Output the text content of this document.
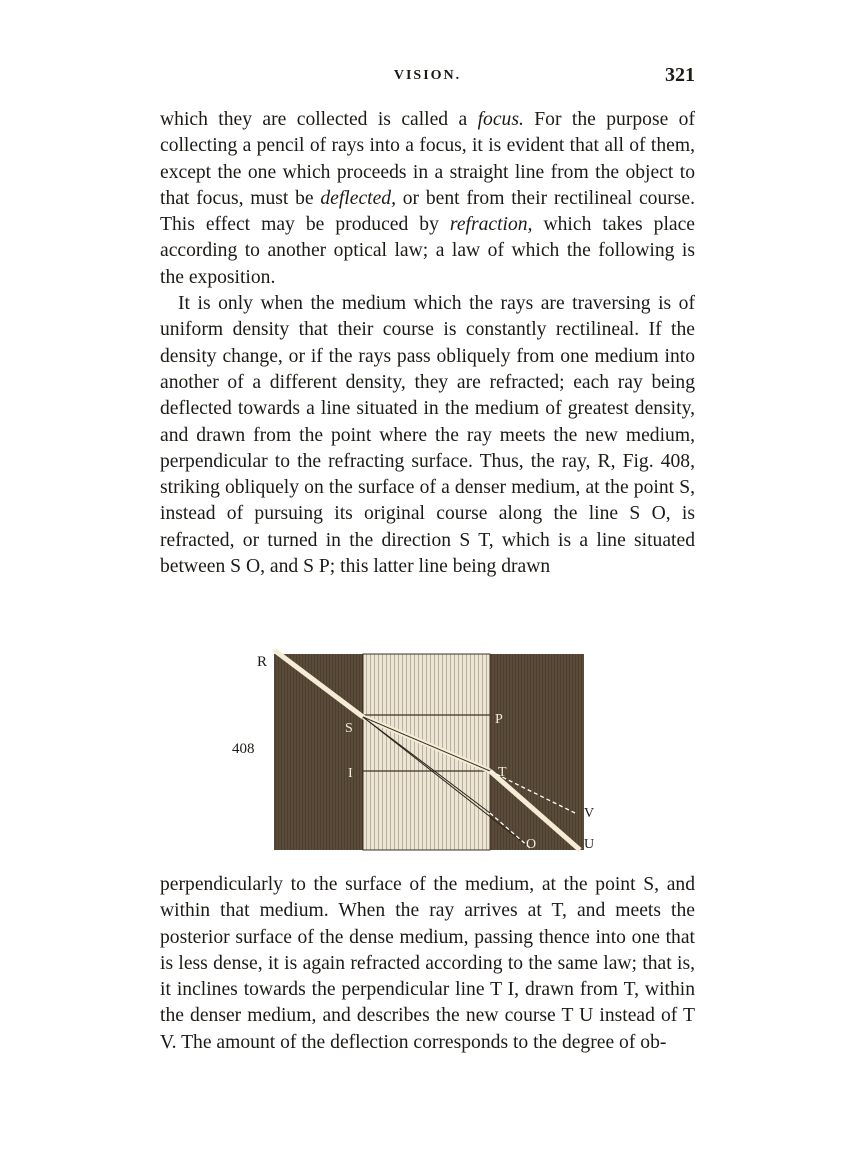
VISION.	321

which they are collected is called a focus. For the purpose of collecting a pencil of rays into a focus, it is evident that all of them, except the one which proceeds in a straight line from the object to that focus, must be deflected, or bent from their rectilineal course. This effect may be produced by refraction, which takes place according to another optical law; a law of which the following is the exposition.

It is only when the medium which the rays are traversing is of uniform density that their course is constantly rectilineal. If the density change, or if the rays pass obliquely from one medium into another of a different density, they are refracted; each ray being deflected towards a line situated in the medium of greatest density, and drawn from the point where the ray meets the new medium, perpendicular to the refracting surface. Thus, the ray, R, Fig. 408, striking obliquely on the surface of a denser medium, at the point S, instead of pursuing its original course along the line S O, is refracted, or turned in the direction S T, which is a line situated between S O, and S P; this latter line being drawn

R
S
P
I	T
V
O	U
408

perpendicularly to the surface of the medium, at the point S, and within that medium. When the ray arrives at T, and meets the posterior surface of the dense medium, passing thence into one that is less dense, it is again refracted according to the same law; that is, it inclines towards the perpendicular line T I, drawn from T, within the denser medium, and describes the new course T U instead of T V. The amount of the deflection corresponds to the degree of ob-
